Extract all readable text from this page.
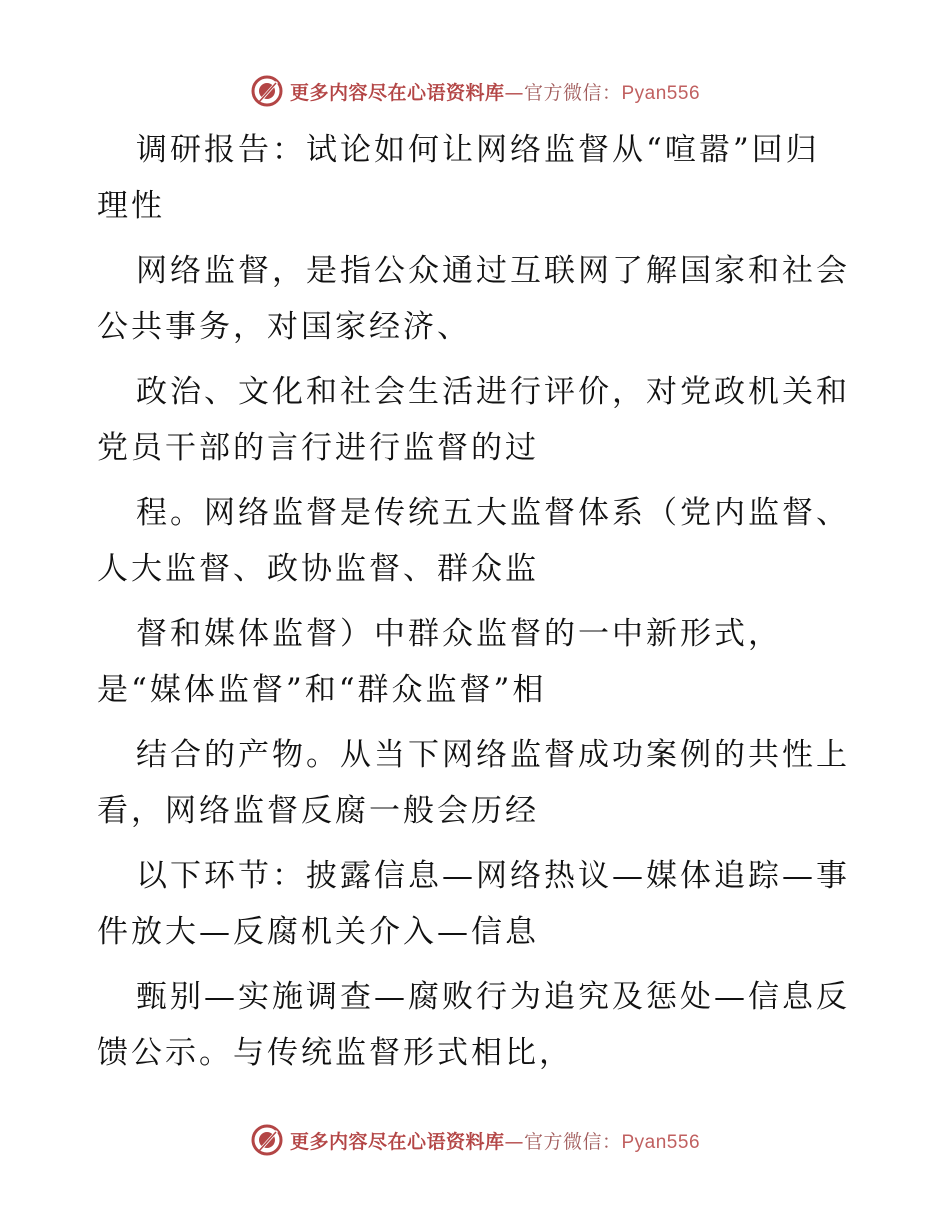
更多内容尽在心语资料库—官方微信：Pyan556

调研报告：试论如何让网络监督从“喧嚣”回归
理性

网络监督，是指公众通过互联网了解国家和社会
公共事务，对国家经济、

政治、文化和社会生活进行评价，对党政机关和
党员干部的言行进行监督的过

程。网络监督是传统五大监督体系（党内监督、
人大监督、政协监督、群众监

督和媒体监督）中群众监督的一中新形式，
是“媒体监督”和“群众监督”相

结合的产物。从当下网络监督成功案例的共性上
看，网络监督反腐一般会历经

以下环节：披露信息—网络热议—媒体追踪—事
件放大—反腐机关介入—信息

甄别—实施调查—腐败行为追究及惩处—信息反
馈公示。与传统监督形式相比，

更多内容尽在心语资料库—官方微信：Pyan556
